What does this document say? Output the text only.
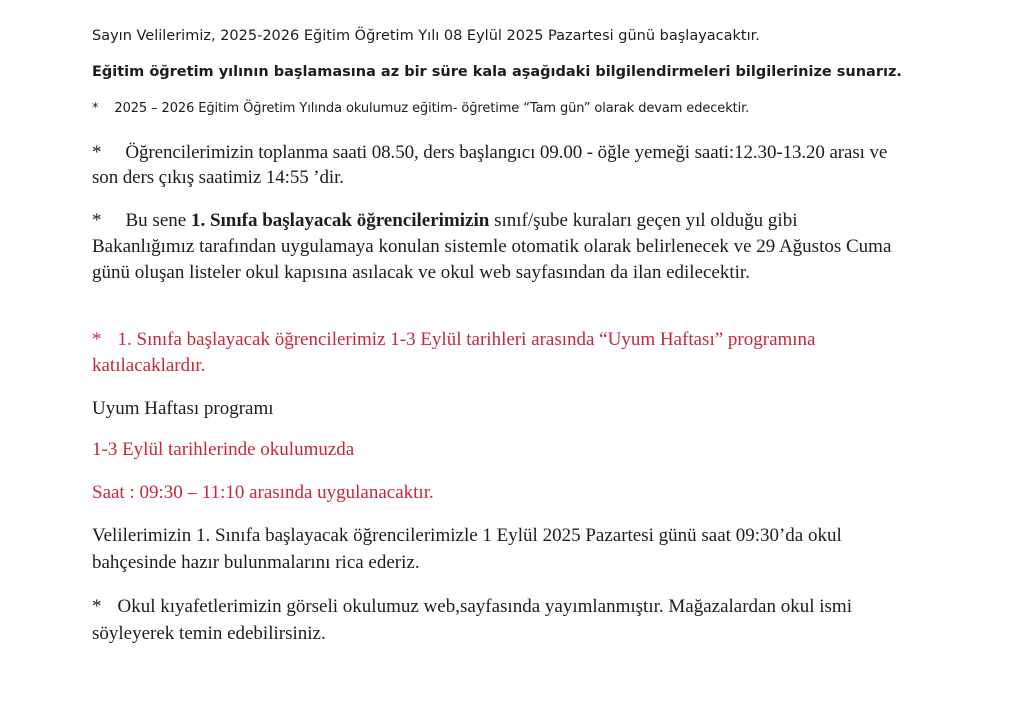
Sayın Velilerimiz, 2025-2026 Eğitim Öğretim Yılı 08 Eylül 2025 Pazartesi günü başlayacaktır.

Eğitim öğretim yılının başlamasına az bir süre kala aşağıdaki bilgilendirmeleri bilgilerinize sunarız.

* 2025 – 2026 Eğitim Öğretim Yılında okulumuz eğitim- öğretime “Tam gün” olarak devam edecektir.

* Öğrencilerimizin toplanma saati 08.50, ders başlangıcı 09.00 - öğle yemeği saati:12.30-13.20 arası ve son ders çıkış saatimiz 14:55 ’dir.

* Bu sene 1. Sınıfa başlayacak öğrencilerimizin sınıf/şube kuraları geçen yıl olduğu gibi Bakanlığımız tarafından uygulamaya konulan sistemle otomatik olarak belirlenecek ve 29 Ağustos Cuma günü oluşan listeler okul kapısına asılacak ve okul web sayfasından da ilan edilecektir.

* 1. Sınıfa başlayacak öğrencilerimiz 1-3 Eylül tarihleri arasında “Uyum Haftası” programına katılacaklardır.

Uyum Haftası programı

1-3 Eylül tarihlerinde okulumuzda

Saat : 09:30 – 11:10 arasında uygulanacaktır.

Velilerimizin 1. Sınıfa başlayacak öğrencilerimizle 1 Eylül 2025 Pazartesi günü saat 09:30’da okul bahçesinde hazır bulunmalarını rica ederiz.

* Okul kıyafetlerimizin görseli okulumuz web,sayfasında yayımlanmıştır. Mağazalardan okul ismi söyleyerek temin edebilirsiniz.
